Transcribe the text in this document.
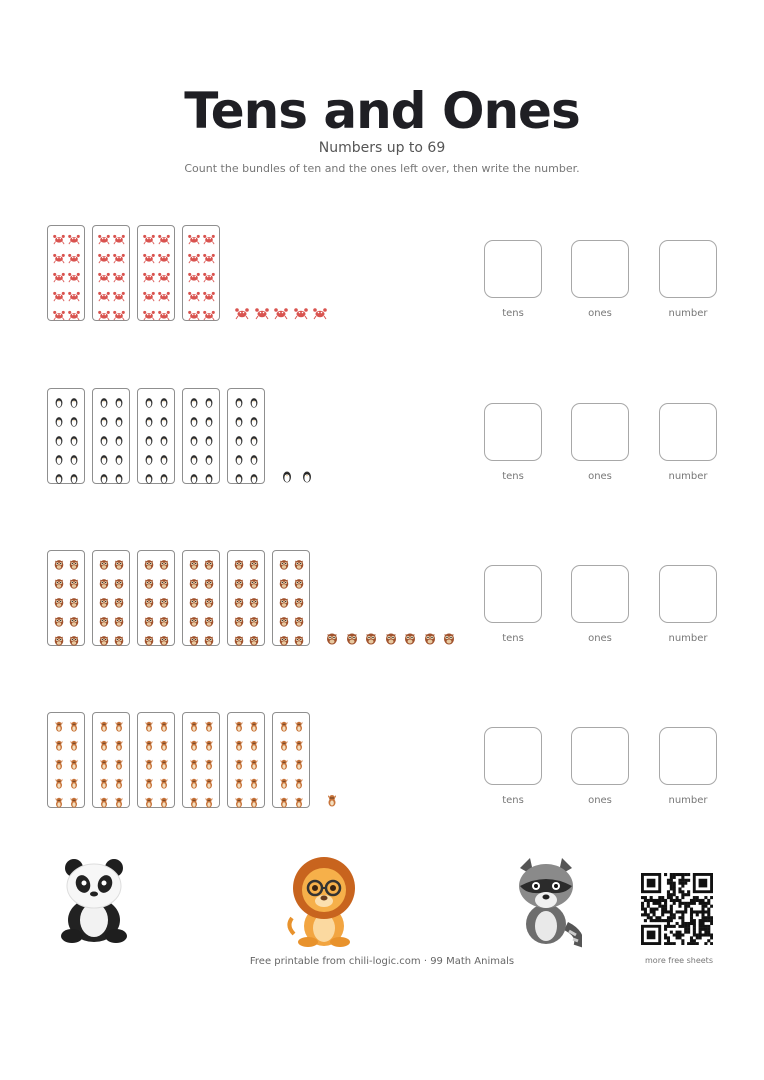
Tens and Ones
Numbers up to 69
Count the bundles of ten and the ones left over, then write the number.
tens	ones	number
tens	ones	number
tens	ones	number
tens	ones	number
Free printable from chili-logic.com · 99 Math Animals	more free sheets
